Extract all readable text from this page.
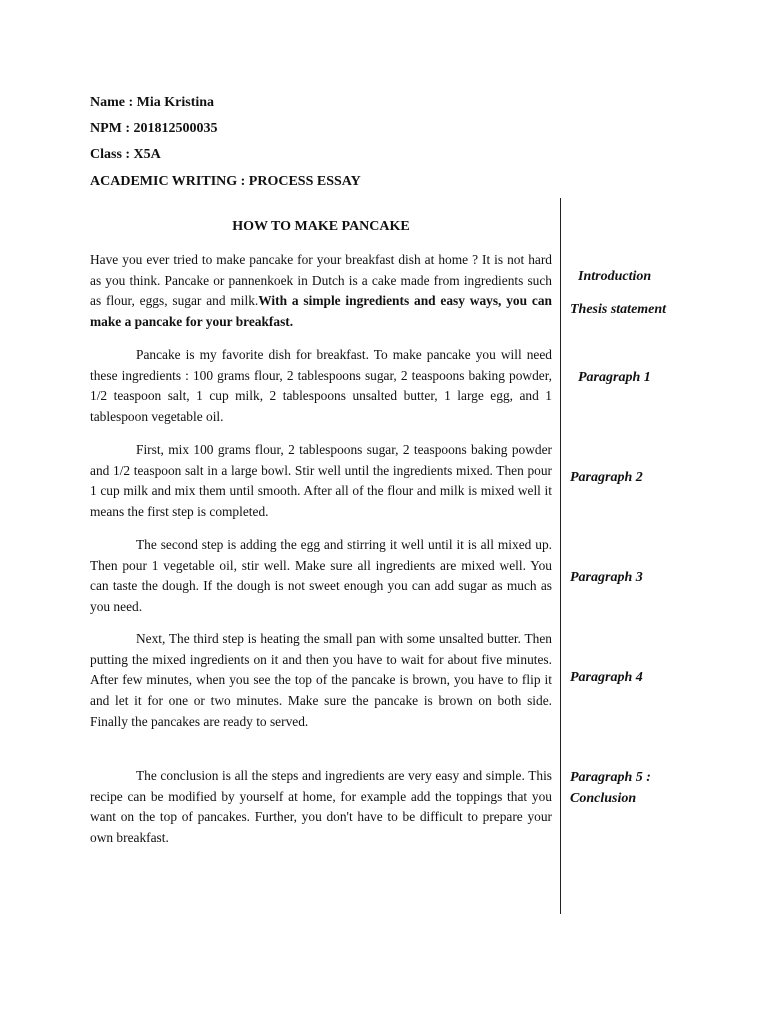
Name : Mia Kristina
NPM : 201812500035
Class : X5A
ACADEMIC WRITING : PROCESS ESSAY
HOW TO MAKE PANCAKE

Have you ever tried to make pancake for your breakfast dish at home ? It is not hard as you think. Pancake or pannenkoek in Dutch is a cake made from ingredients such as flour, eggs, sugar and milk.With a simple ingredients and easy ways, you can make a pancake for your breakfast.

Pancake is my favorite dish for breakfast. To make pancake you will need these ingredients : 100 grams flour, 2 tablespoons sugar, 2 teaspoons baking powder, 1/2 teaspoon salt, 1 cup milk, 2 tablespoons unsalted butter, 1 large egg, and 1 tablespoon vegetable oil.

First, mix 100 grams flour, 2 tablespoons sugar, 2 teaspoons baking powder and 1/2 teaspoon salt in a large bowl. Stir well until the ingredients mixed. Then pour 1 cup milk and mix them until smooth. After all of the flour and milk is mixed well it means the first step is completed.

The second step is adding the egg and stirring it well until it is all mixed up. Then pour 1 vegetable oil, stir well. Make sure all ingredients are mixed well. You can taste the dough. If the dough is not sweet enough you can add sugar as much as you need.

Next, The third step is heating the small pan with some unsalted butter. Then putting the mixed ingredients on it and then you have to wait for about five minutes. After few minutes, when you see the top of the pancake is brown, you have to flip it and let it for one or two minutes. Make sure the pancake is brown on both side. Finally the pancakes are ready to served.

The conclusion is all the steps and ingredients are very easy and simple. This recipe can be modified by yourself at home, for example add the toppings that you want on the top of pancakes. Further, you don't have to be difficult to prepare your own breakfast.

Introduction
Thesis statement
Paragraph 1
Paragraph 2
Paragraph 3
Paragraph 4
Paragraph 5 :
Conclusion
